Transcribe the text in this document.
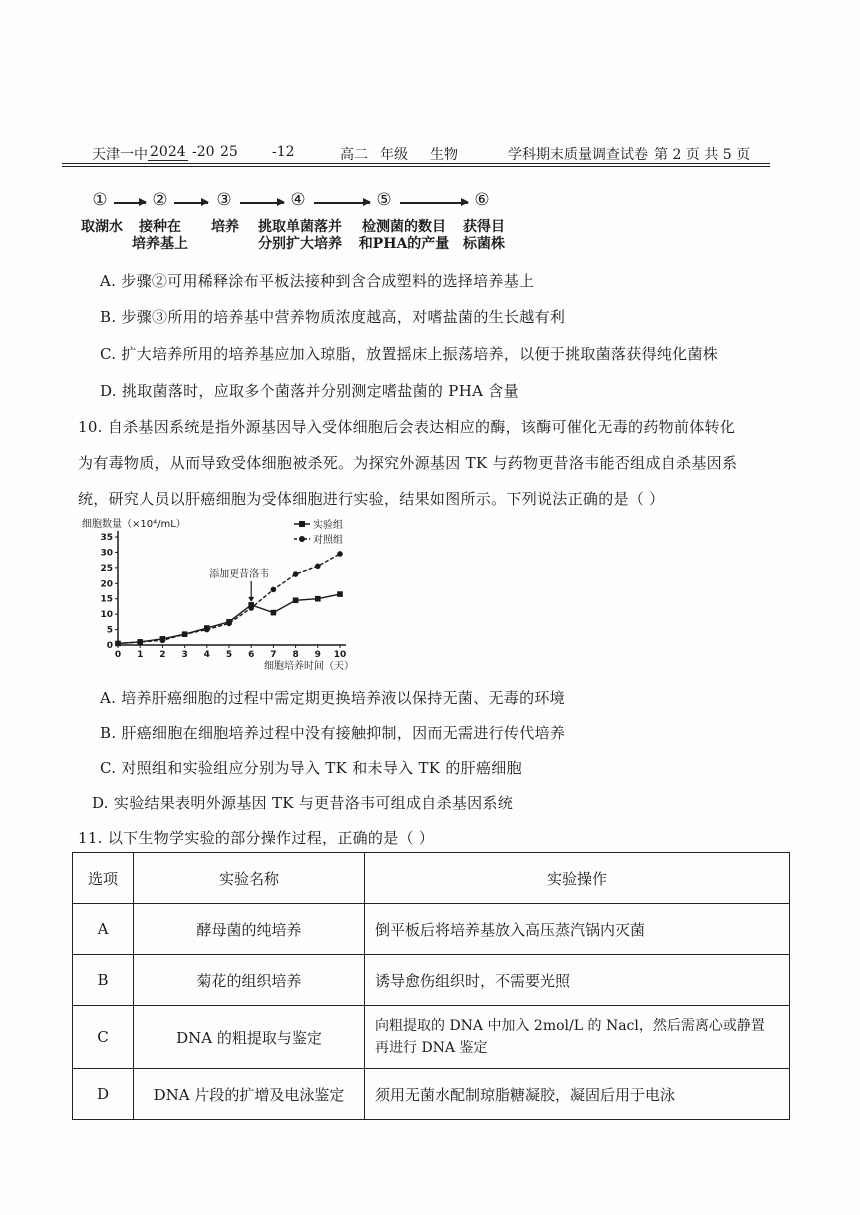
天津一中 2024 -20 25 -12	高二 年级 生物	学科期末质量调查试卷 第 2 页 共 5 页
①	②	③	④	⑤	⑥
取湖水	接种在
培养基上
培养	挑取单菌落并
分别扩大培养
检测菌的数目
和PHA的产量
获得目
标菌株
A. 步骤②可用稀释涂布平板法接种到含合成塑料的选择培养基上
B. 步骤③所用的培养基中营养物质浓度越高，对嗜盐菌的生长越有利
C. 扩大培养所用的培养基应加入琼脂，放置摇床上振荡培养，以便于挑取菌落获得纯化菌株
D. 挑取菌落时，应取多个菌落并分别测定嗜盐菌的 PHA 含量
10. 自杀基因系统是指外源基因导入受体细胞后会表达相应的酶，该酶可催化无毒的药物前体转化
为有毒物质，从而导致受体细胞被杀死。为探究外源基因 TK 与药物更昔洛韦能否组成自杀基因系
统，研究人员以肝癌细胞为受体细胞进行实验，结果如图所示。下列说法正确的是（ ）
细胞数量（×10⁴/mL）
细胞培养时间（天）
实验组
对照组
0 1 2 3 4 5 6 7 8 9 10
0
5
10
15
20
25
30
35
添加更昔洛韦
A. 培养肝癌细胞的过程中需定期更换培养液以保持无菌、无毒的环境
B. 肝癌细胞在细胞培养过程中没有接触抑制，因而无需进行传代培养
C. 对照组和实验组应分别为导入 TK 和未导入 TK 的肝癌细胞
D. 实验结果表明外源基因 TK 与更昔洛韦可组成自杀基因系统
11. 以下生物学实验的部分操作过程，正确的是（ ）
选项	实验名称	实验操作
A	酵母菌的纯培养	倒平板后将培养基放入高压蒸汽锅内灭菌
B	菊花的组织培养	诱导愈伤组织时，不需要光照
C	DNA 的粗提取与鉴定	向粗提取的 DNA 中加入 2mol/L 的 Nacl，然后需离心或静置
再进行 DNA 鉴定

D	DNA 片段的扩增及电泳鉴定	须用无菌水配制琼脂糖凝胶，凝固后用于电泳
